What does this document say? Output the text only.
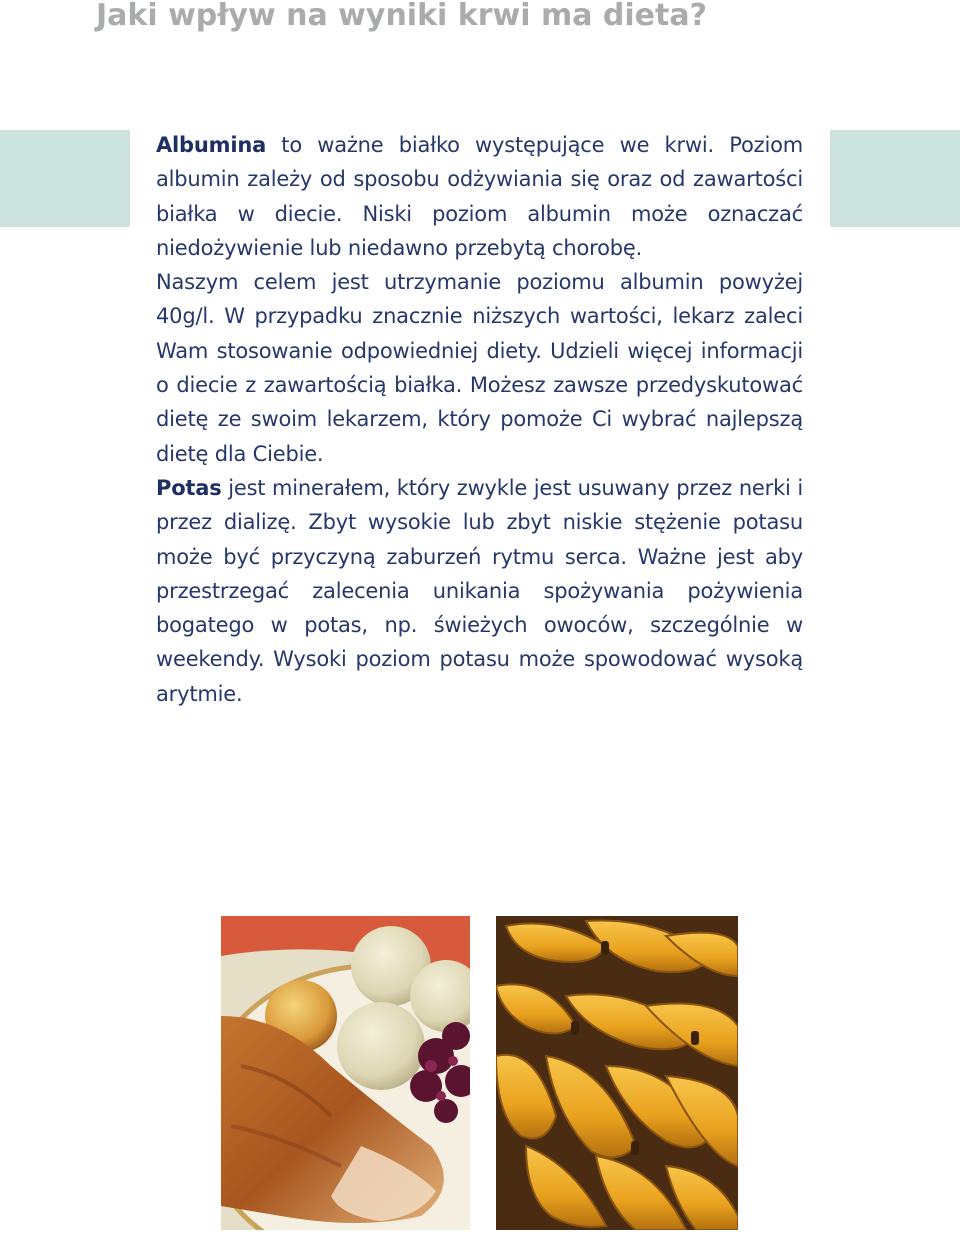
Jaki wpływ na wyniki krwi ma dieta?

Albumina to ważne białko występujące we krwi. Poziom albumin zależy od sposobu odżywiania się oraz od zawartości białka w diecie. Niski poziom albumin może oznaczać niedożywienie lub niedawno przebytą chorobę.

Naszym celem jest utrzymanie poziomu albumin powyżej 40g/l. W przypadku znacznie niższych wartości, lekarz zaleci Wam stosowanie odpowiedniej diety. Udzieli więcej informacji o diecie z zawartością białka. Możesz zawsze przedyskutować dietę ze swoim lekarzem, który pomoże Ci wybrać najlepszą dietę dla Ciebie.

Potas jest minerałem, który zwykle jest usuwany przez nerki i przez dializę. Zbyt wysokie lub zbyt niskie stężenie potasu może być przyczyną zaburzeń rytmu serca. Ważne jest aby przestrzegać zalecenia unikania spożywania pożywienia bogatego w potas, np. świeżych owoców, szczególnie w weekendy. Wysoki poziom potasu może spowodować wysoką arytmie.
